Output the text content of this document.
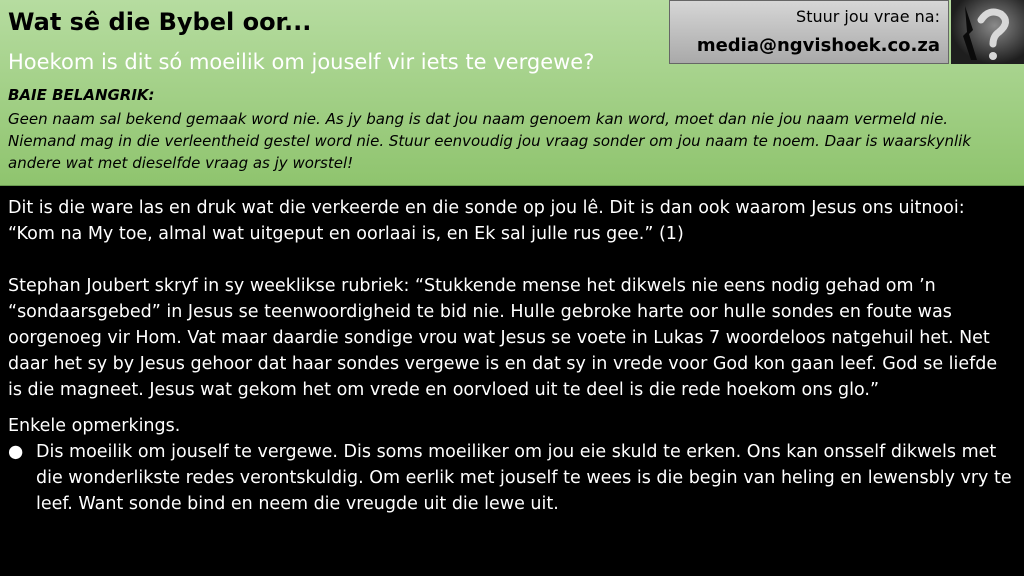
Wat sê die Bybel oor...
Hoekom is dit só moeilik om jouself vir iets te vergewe?
BAIE BELANGRIK:
Geen naam sal bekend gemaak word nie. As jy bang is dat jou naam genoem kan word, moet dan nie jou naam vermeld nie. Niemand mag in die verleentheid gestel word nie. Stuur eenvoudig jou vraag sonder om jou naam te noem. Daar is waarskynlik andere wat met dieselfde vraag as jy worstel!
Stuur jou vrae na:
media@ngvishoek.co.za

Dit is die ware las en druk wat die verkeerde en die sonde op jou lê. Dit is dan ook waarom Jesus ons uitnooi: “Kom na My toe, almal wat uitgeput en oorlaai is, en Ek sal julle rus gee.” (1)

Stephan Joubert skryf in sy weeklikse rubriek: “Stukkende mense het dikwels nie eens nodig gehad om ’n “sondaarsgebed” in Jesus se teenwoordigheid te bid nie. Hulle gebroke harte oor hulle sondes en foute was oorgenoeg vir Hom. Vat maar daardie sondige vrou wat Jesus se voete in Lukas 7 woordeloos natgehuil het. Net daar het sy by Jesus gehoor dat haar sondes vergewe is en dat sy in vrede voor God kon gaan leef. God se liefde is die magneet. Jesus wat gekom het om vrede en oorvloed uit te deel is die rede hoekom ons glo.”

Enkele opmerkings.

● Dis moeilik om jouself te vergewe. Dis soms moeiliker om jou eie skuld te erken. Ons kan onsself dikwels met die wonderlikste redes verontskuldig. Om eerlik met jouself te wees is die begin van heling en lewensbly vry te leef. Want sonde bind en neem die vreugde uit die lewe uit.
